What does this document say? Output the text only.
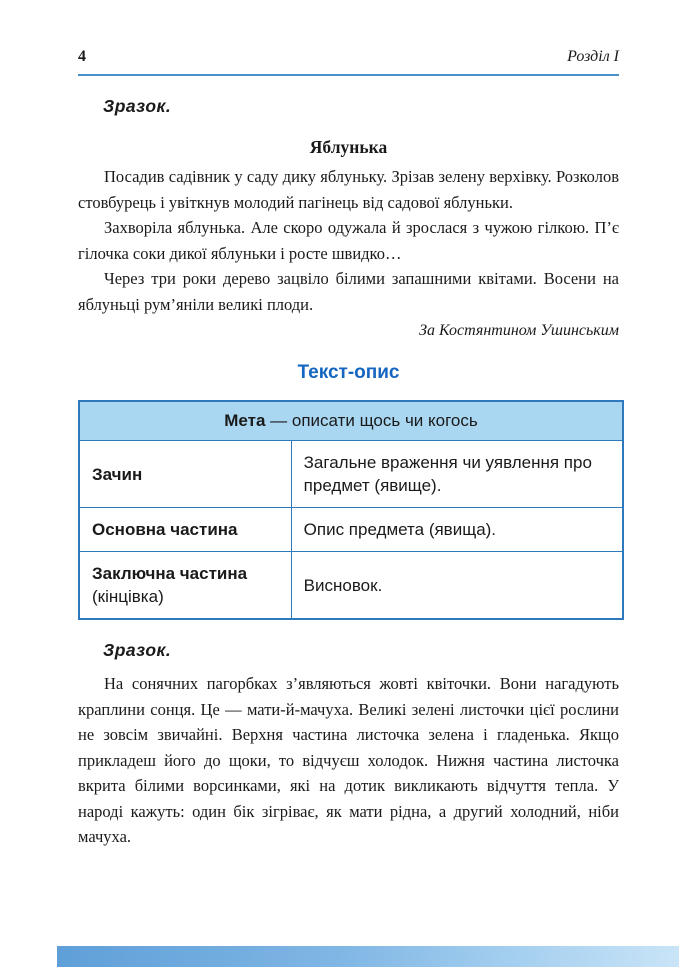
4	Розділ I
Зразок.
Яблунька

Посадив садівник у саду дику яблуньку. Зрізав зелену верхівку. Розколов стовбурець і увіткнув молодий пагінець від садової яблуньки.

Захворіла яблунька. Але скоро одужала й зрослася з чужою гілкою. П’є гілочка соки дикої яблуньки і росте швидко…

Через три роки дерево зацвіло білими запашними квітами. Восени на яблуньці рум’яніли великі плоди.

За Костянтином Ушинським
Текст-опис
Мета — описати щось чи когось	
Зачин	Загальне враження чи уявлення про предмет (явище).
Основна частина	Опис предмета (явища).
Заключна частина
(кінцівка)	Висновок.
Зразок.

На сонячних пагорбках з’являються жовті квіточки. Вони нагадують краплини сонця. Це — мати-й-мачуха. Великі зелені листочки цієї рослини не зовсім звичайні. Верхня частина листочка зелена і гладенька. Якщо прикладеш його до щоки, то відчуєш холодок. Нижня частина листочка вкрита білими ворсинками, які на дотик викликають відчуття тепла. У народі кажуть: один бік зігріває, як мати рідна, а другий холодний, ніби мачуха.
